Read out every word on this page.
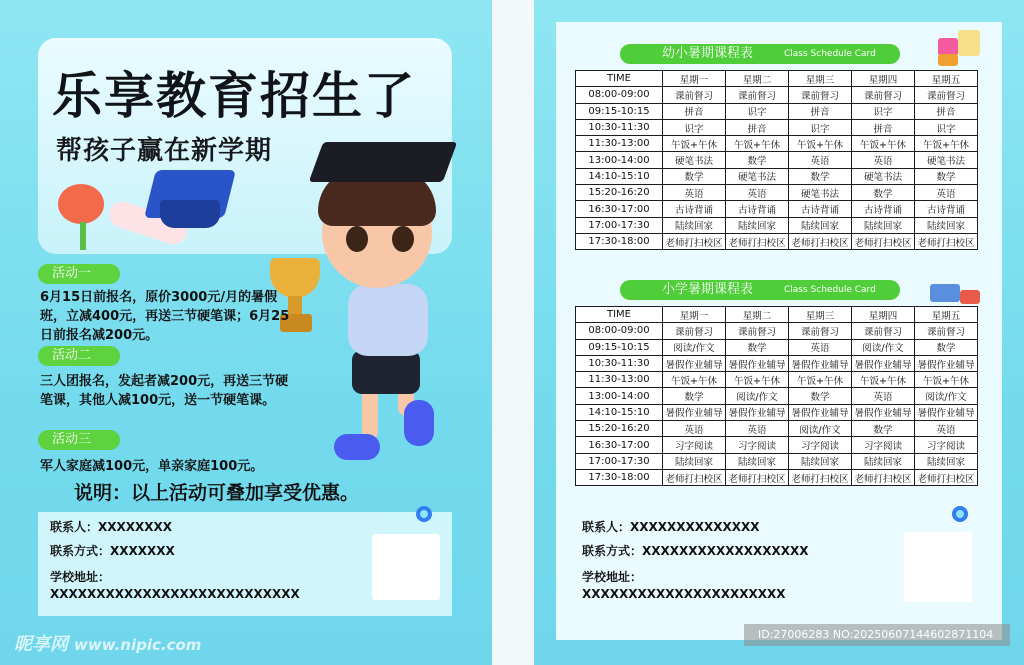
乐享教育招生了
帮孩子赢在新学期
活动一
6月15日前报名，原价3000元/月的暑假班，立减400元，再送三节硬笔课；6月25日前报名减200元。
活动二
三人团报名，发起者减200元，再送三节硬笔课，其他人减100元，送一节硬笔课。
活动三
军人家庭减100元，单亲家庭100元。
说明：以上活动可叠加享受优惠。
联系人：XXXXXXXX
联系方式：XXXXXXX
学校地址：
XXXXXXXXXXXXXXXXXXXXXXXXXXX
昵享网 www.nipic.com
幼小暑期课程表	Class Schedule Card
TIME	星期一	星期二	星期三	星期四	星期五
08:00-09:00	课前督习	课前督习	课前督习	课前督习	课前督习
09:15-10:15	拼音	识字	拼音	识字	拼音
10:30-11:30	识字	拼音	识字	拼音	识字
11:30-13:00	午饭+午休	午饭+午休	午饭+午休	午饭+午休	午饭+午休
13:00-14:00	硬笔书法	数学	英语	英语	硬笔书法
14:10-15:10	数学	硬笔书法	数学	硬笔书法	数学
15:20-16:20	英语	英语	硬笔书法	数学	英语
16:30-17:00	古诗背诵	古诗背诵	古诗背诵	古诗背诵	古诗背诵
17:00-17:30	陆续回家	陆续回家	陆续回家	陆续回家	陆续回家
17:30-18:00	老师打扫校区	老师打扫校区	老师打扫校区	老师打扫校区	老师打扫校区
小学暑期课程表	Class Schedule Card
TIME	星期一	星期二	星期三	星期四	星期五
08:00-09:00	课前督习	课前督习	课前督习	课前督习	课前督习
09:15-10:15	阅读/作文	数学	英语	阅读/作文	数学
10:30-11:30	暑假作业辅导	暑假作业辅导	暑假作业辅导	暑假作业辅导	暑假作业辅导
11:30-13:00	午饭+午休	午饭+午休	午饭+午休	午饭+午休	午饭+午休
13:00-14:00	数学	阅读/作文	数学	英语	阅读/作文
14:10-15:10	暑假作业辅导	暑假作业辅导	暑假作业辅导	暑假作业辅导	暑假作业辅导
15:20-16:20	英语	英语	阅读/作文	数学	英语
16:30-17:00	习字阅读	习字阅读	习字阅读	习字阅读	习字阅读
17:00-17:30	陆续回家	陆续回家	陆续回家	陆续回家	陆续回家
17:30-18:00	老师打扫校区	老师打扫校区	老师打扫校区	老师打扫校区	老师打扫校区
联系人：XXXXXXXXXXXXXX
联系方式：XXXXXXXXXXXXXXXXXX
学校地址：
XXXXXXXXXXXXXXXXXXXXXX
ID:27006283 NO:20250607144602871104
